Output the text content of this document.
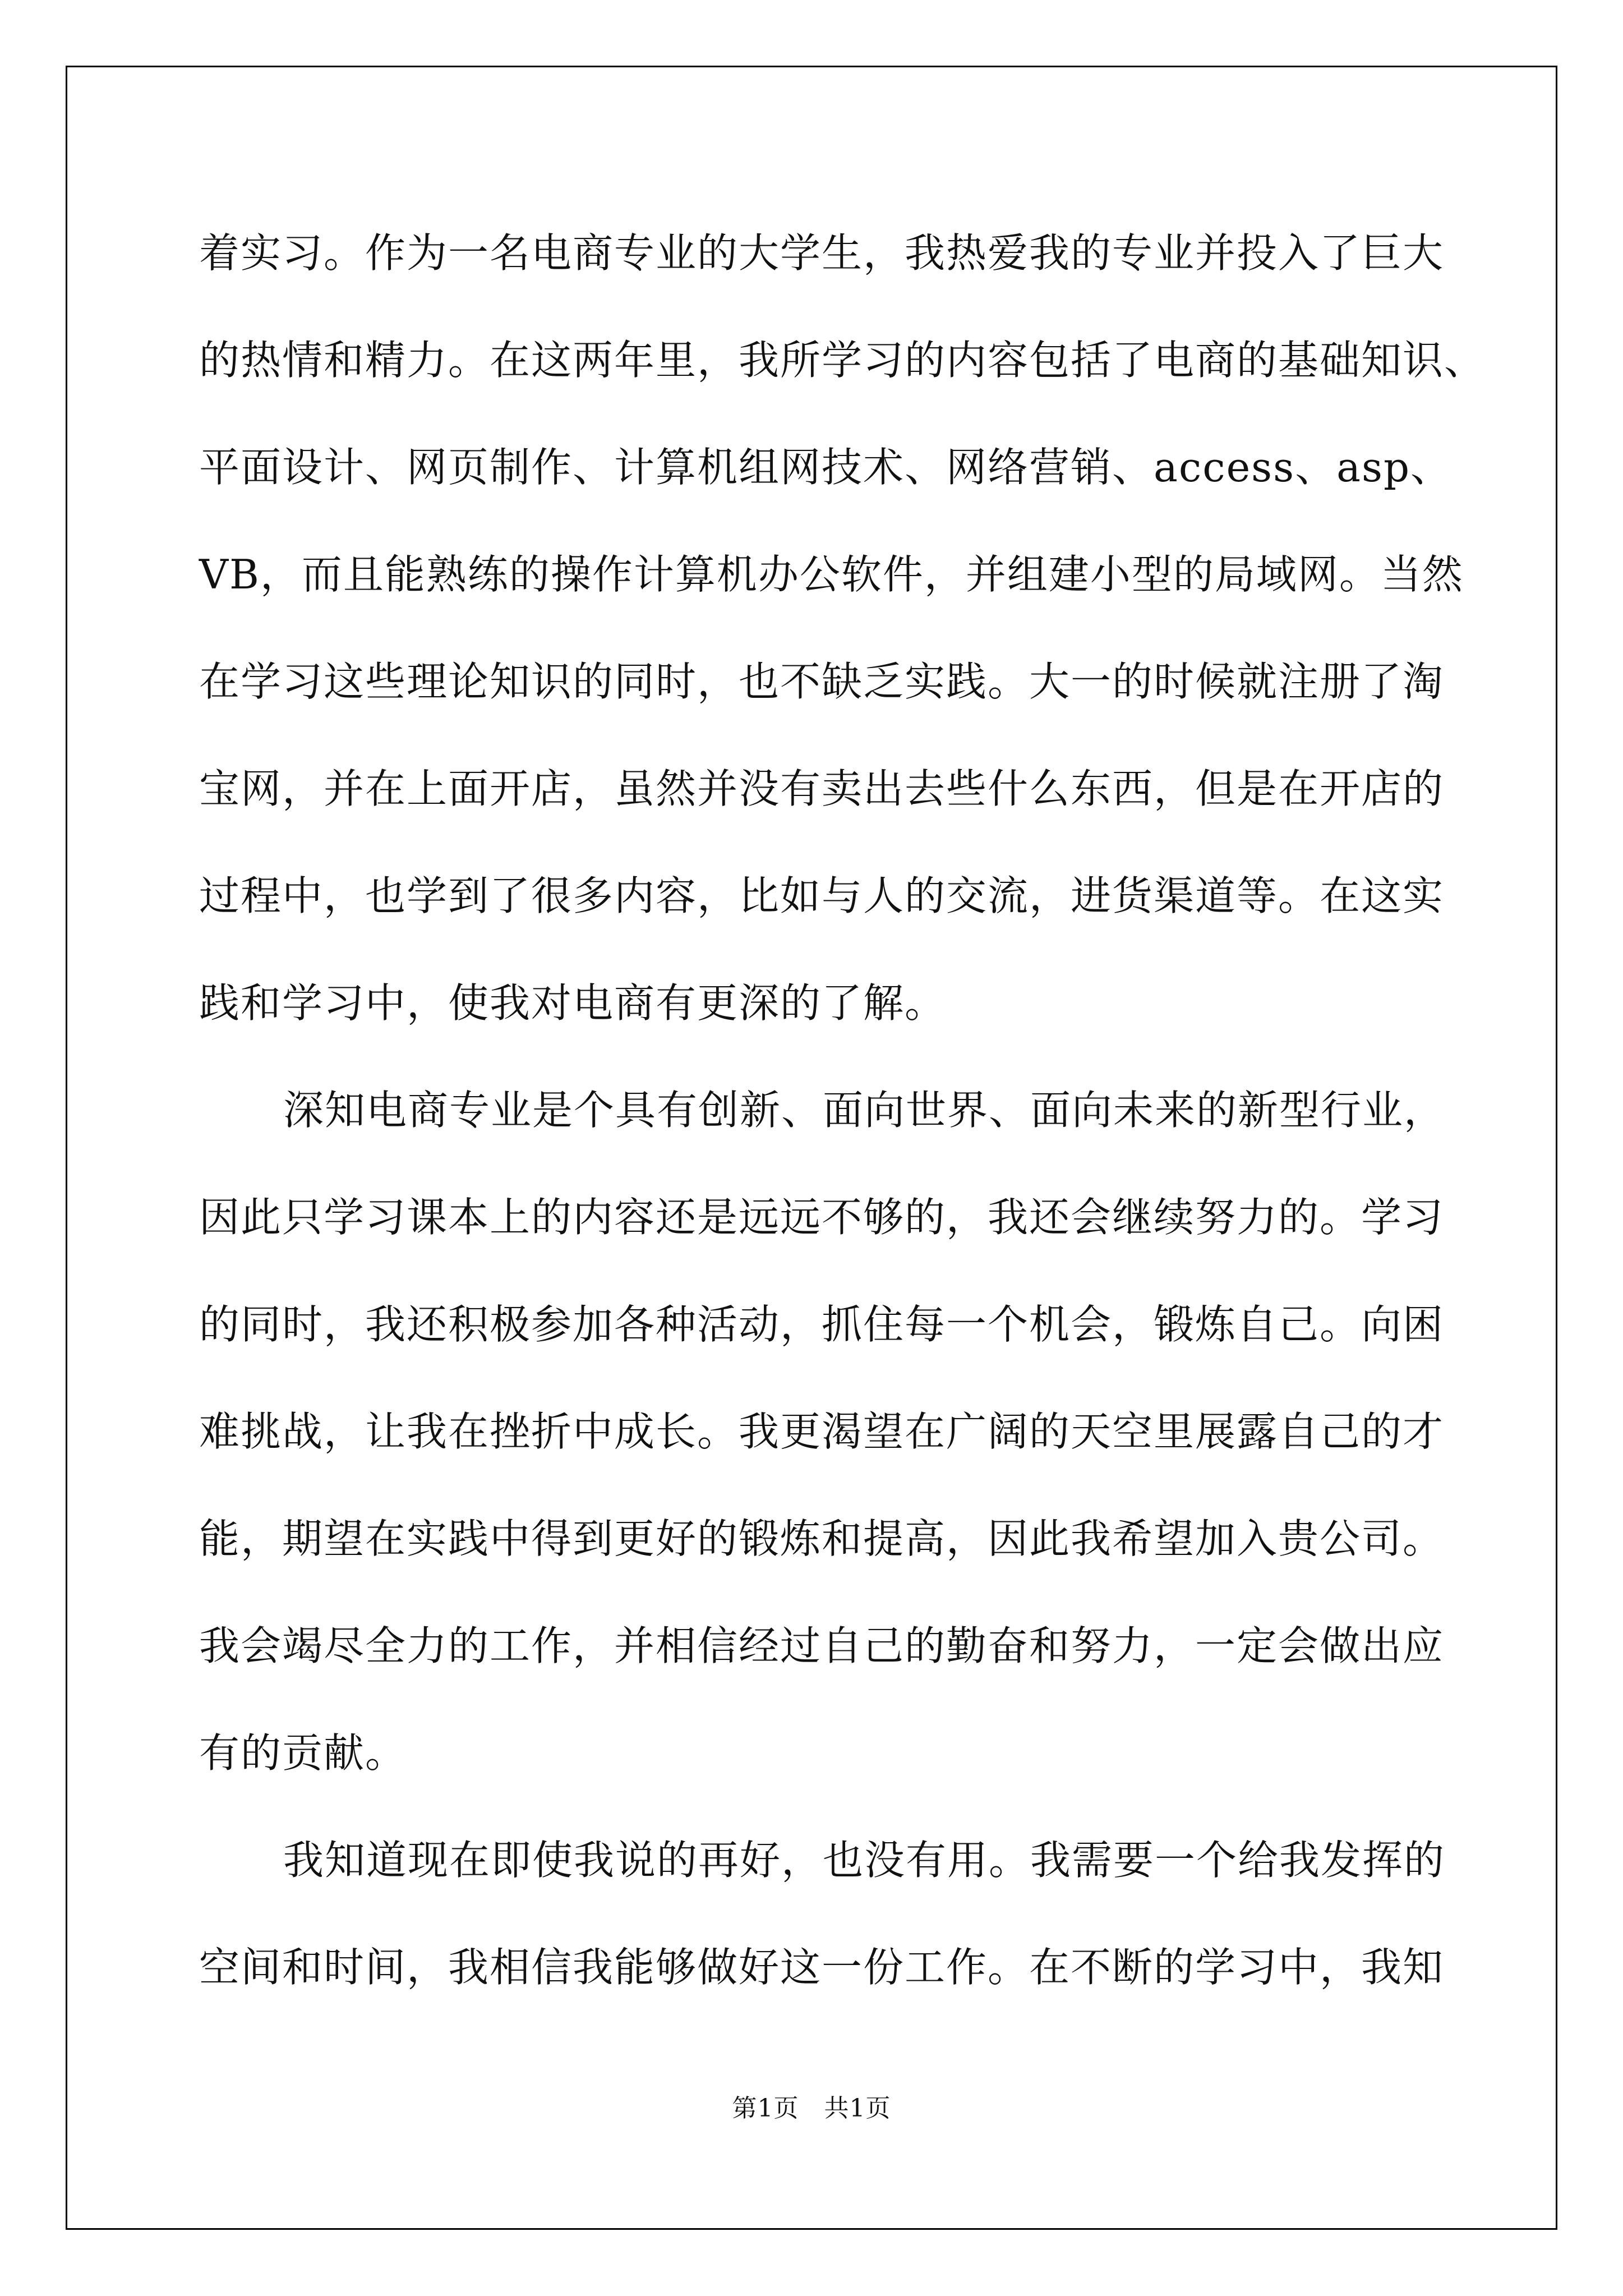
着实习。作为一名电商专业的大学生，我热爱我的专业并投入了巨大
的热情和精力。在这两年里，我所学习的内容包括了电商的基础知识、
平面设计、网页制作、计算机组网技术、网络营销、access、asp、
VB，而且能熟练的操作计算机办公软件，并组建小型的局域网。当然
在学习这些理论知识的同时，也不缺乏实践。大一的时候就注册了淘
宝网，并在上面开店，虽然并没有卖出去些什么东西，但是在开店的
过程中，也学到了很多内容，比如与人的交流，进货渠道等。在这实
践和学习中，使我对电商有更深的了解。
深知电商专业是个具有创新、面向世界、面向未来的新型行业，
因此只学习课本上的内容还是远远不够的，我还会继续努力的。学习
的同时，我还积极参加各种活动，抓住每一个机会，锻炼自己。向困
难挑战，让我在挫折中成长。我更渴望在广阔的天空里展露自己的才
能，期望在实践中得到更好的锻炼和提高，因此我希望加入贵公司。
我会竭尽全力的工作，并相信经过自己的勤奋和努力，一定会做出应
有的贡献。
我知道现在即使我说的再好，也没有用。我需要一个给我发挥的
空间和时间，我相信我能够做好这一份工作。在不断的学习中，我知
第1页　共1页
